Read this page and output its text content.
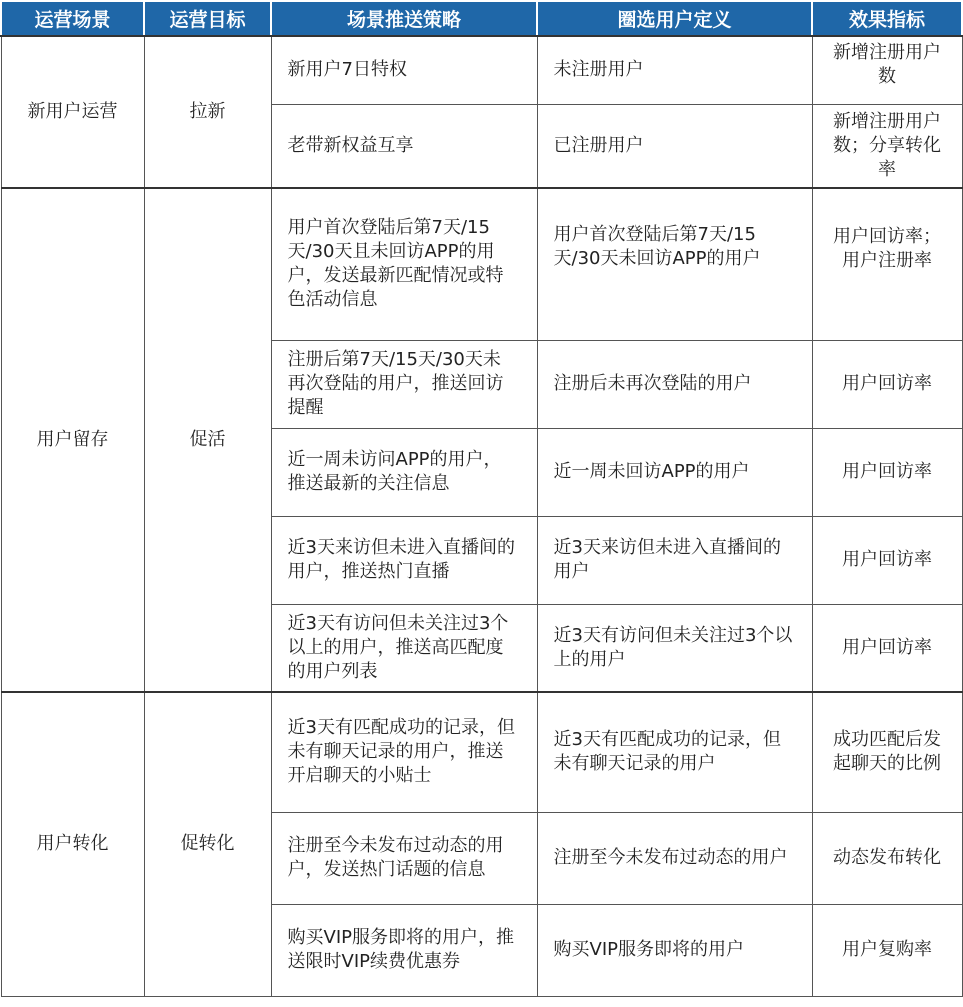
运营场景	运营目标	场景推送策略	圈选用户定义	效果指标
新用户运营	拉新	新用户7日特权	未注册用户	新增注册用户数
		老带新权益互享	已注册用户	新增注册用户数；分享转化率
用户留存	促活	用户首次登陆后第7天/15天/30天且未回访APP的用户，发送最新匹配情况或特色活动信息	用户首次登陆后第7天/15天/30天未回访APP的用户	用户回访率；用户注册率
		注册后第7天/15天/30天未再次登陆的用户，推送回访提醒	注册后未再次登陆的用户	用户回访率
		近一周未访问APP的用户，推送最新的关注信息	近一周未回访APP的用户	用户回访率
		近3天来访但未进入直播间的用户，推送热门直播	近3天来访但未进入直播间的用户	用户回访率
		近3天有访问但未关注过3个以上的用户，推送高匹配度的用户列表	近3天有访问但未关注过3个以上的用户	用户回访率
用户转化	促转化	近3天有匹配成功的记录，但未有聊天记录的用户，推送开启聊天的小贴士	近3天有匹配成功的记录，但未有聊天记录的用户	成功匹配后发起聊天的比例
		注册至今未发布过动态的用户，发送热门话题的信息	注册至今未发布过动态的用户	动态发布转化
		购买VIP服务即将的用户，推送限时VIP续费优惠券	购买VIP服务即将的用户	用户复购率
